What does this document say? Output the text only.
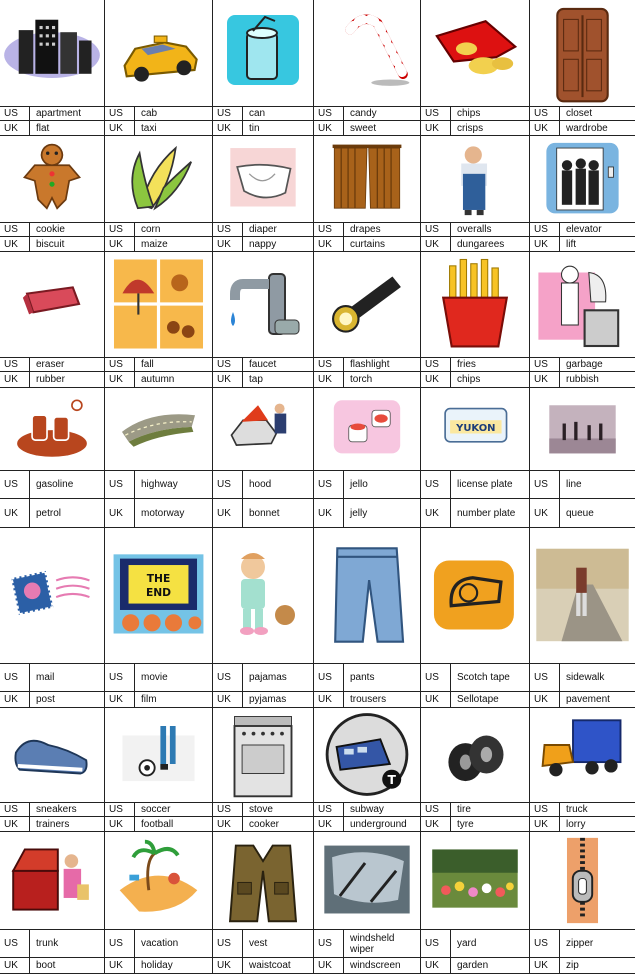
US	apartment
UK	flat
US	cab
UK	taxi
US	can
UK	tin
US	candy
UK	sweet
US	chips
UK	crisps
US	closet
UK	wardrobe
US	cookie
UK	biscuit
US	corn
UK	maize
US	diaper
UK	nappy
US	drapes
UK	curtains
US	overalls
UK	dungarees
US	elevator
UK	lift
US	eraser
UK	rubber
US	fall
UK	autumn
US	faucet
UK	tap
US	flashlight
UK	torch
US	fries
UK	chips
US	garbage
UK	rubbish
US	gasoline
UK	petrol
US	highway
UK	motorway
US	hood
UK	bonnet
US	jello
UK	jelly
YUKON
US	license plate
UK	number plate
US	line
UK	queue
US	mail
UK	post
THE
END
US	movie
UK	film
US	pajamas
UK	pyjamas
US	pants
UK	trousers
US	Scotch tape
UK	Sellotape
US	sidewalk
UK	pavement
US	sneakers
UK	trainers
US	soccer
UK	football
US	stove
UK	cooker
T
US	subway
UK	underground
US	tire
UK	tyre
US	truck
UK	lorry
US	trunk
UK	boot
US	vacation
UK	holiday
US	vest
UK	waistcoat
US	windsheld wiper
UK	windscreen
US	yard
UK	garden
US	zipper
UK	zip
